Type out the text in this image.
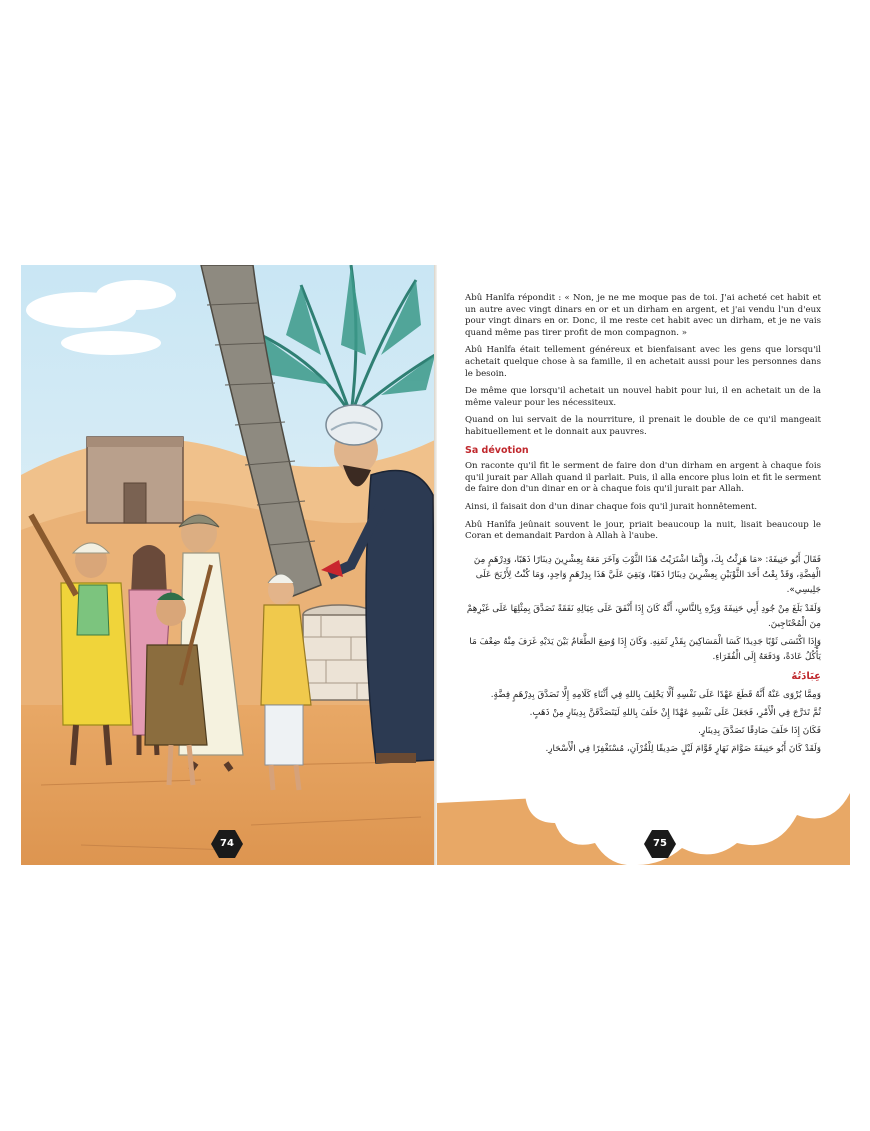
74

Abû Hanîfa répondit : « Non, je ne me moque pas de toi. J'ai acheté cet habit et un autre avec vingt dinars en or et un dirham en argent, et j'ai vendu l'un d'eux pour vingt dinars en or. Donc, il me reste cet habit avec un dirham, et je ne vais quand même pas tirer profit de mon compagnon. »

Abû Hanîfa était tellement généreux et bienfaisant avec les gens que lorsqu'il achetait quelque chose à sa famille, il en achetait aussi pour les personnes dans le besoin.

De même que lorsqu'il achetait un nouvel habit pour lui, il en achetait un de la même valeur pour les nécessiteux.

Quand on lui servait de la nourriture, il prenait le double de ce qu'il mangeait habituellement et le donnait aux pauvres.

Sa dévotion

On raconte qu'il fit le serment de faire don d'un dirham en argent à chaque fois qu'il jurait par Allah quand il parlait. Puis, il alla encore plus loin et fit le serment de faire don d'un dinar en or à chaque fois qu'il jurait par Allah.

Ainsi, il faisait don d'un dinar chaque fois qu'il jurait honnêtement.

Abû Hanîfa jeûnait souvent le jour, priait beaucoup la nuit, lisait beaucoup le Coran et demandait Pardon à Allah à l'aube.

فَقَالَ أَبُو حَنِيفَةَ: «مَا هَزِئْتُ بِكَ، وَإِنَّمَا اشْتَرَيْتُ هَذَا الثَّوْبَ وَآخَرَ مَعَهُ بِعِشْرِينَ دِينَارًا ذَهَبًا، وَدِرْهَمٍ مِنَ الْفِضَّةِ، وَقَدْ بِعْتُ أَحَدَ الثَّوْبَيْنِ بِعِشْرِينَ دِينَارًا ذَهَبًا، وَبَقِيَ عَلَيَّ هَذَا بِدِرْهَمٍ وَاحِدٍ، وَمَا كُنْتُ لِأَرْبَحَ عَلَى جَلِيسِي».

وَلَقَدْ بَلَغَ مِنْ جُودِ أَبِي حَنِيفَةَ وَبِرِّهِ بِالنَّاسِ، أَنَّهُ كَانَ إِذَا أَنْفَقَ عَلَى عِيَالِهِ نَفَقَةً تَصَدَّقَ بِمِثْلِهَا عَلَى غَيْرِهِمْ مِنَ الْمُحْتَاجِينَ.

وَإِذَا اكْتَسَى ثَوْبًا جَدِيدًا كَسَا الْمَسَاكِينَ بِقَدْرِ ثَمَنِهِ. وَكَانَ إِذَا وُضِعَ الطَّعَامُ بَيْنَ يَدَيْهِ غَرَفَ مِنْهُ ضِعْفَ مَا يَأْكُلُ عَادَةً، وَدَفَعَهُ إِلَى الْفُقَرَاءِ.

عِبَادَتُهُ

وَمِمَّا يُرْوَى عَنْهُ أَنَّهُ قَطَعَ عَهْدًا عَلَى نَفْسِهِ أَلَّا يَحْلِفَ بِاللهِ فِي أَثْنَاءِ كَلَامِهِ إِلَّا تَصَدَّقَ بِدِرْهَمٍ فِضَّةٍ.

ثُمَّ تَدَرَّجَ فِي الْأَمْرِ، فَجَعَلَ عَلَى نَفْسِهِ عَهْدًا إِنْ حَلَفَ بِاللهِ لَيَتَصَدَّقَنَّ بِدِينَارٍ مِنْ ذَهَبٍ.

فَكَانَ إِذَا حَلَفَ صَادِقًا تَصَدَّقَ بِدِينَارٍ.

وَلَقَدْ كَانَ أَبُو حَنِيفَةَ صَوَّامَ نَهَارٍ قَوَّامَ لَيْلٍ صَدِيقًا لِلْقُرْآنِ، مُسْتَغْفِرًا فِي الْأَسْحَارِ.

75
